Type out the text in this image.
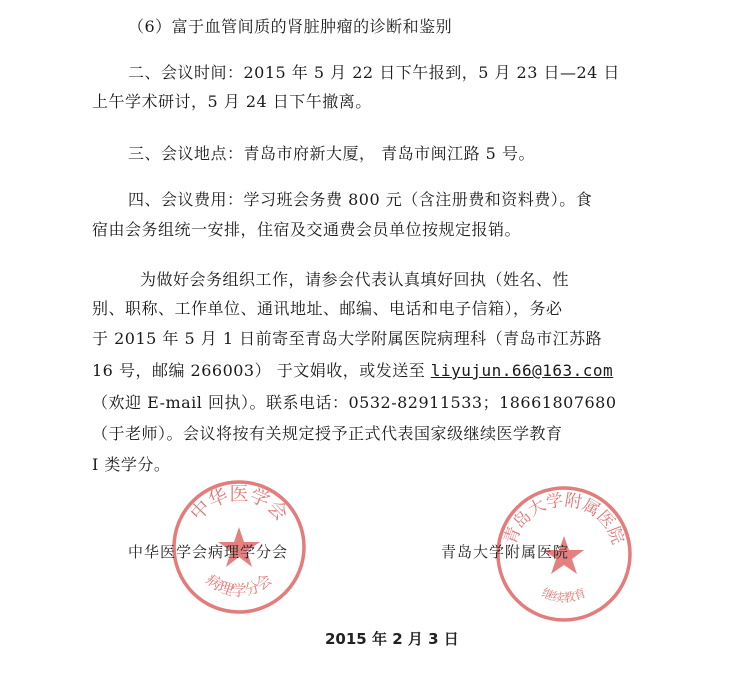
（6）富于血管间质的肾脏肿瘤的诊断和鉴别
二、会议时间：2015 年 5 月 22 日下午报到，5 月 23 日—24 日
上午学术研讨，5 月 24 日下午撤离。
三、会议地点：青岛市府新大厦， 青岛市闽江路 5 号。
四、会议费用：学习班会务费 800 元（含注册费和资料费）。食
宿由会务组统一安排，住宿及交通费会员单位按规定报销。
为做好会务组织工作，请参会代表认真填好回执（姓名、性
别、职称、工作单位、通讯地址、邮编、电话和电子信箱），务必
于 2015 年 5 月 1 日前寄至青岛大学附属医院病理科（青岛市江苏路
16 号，邮编 266003） 于文娟收，或发送至 liyujun.66@163.com
（欢迎 E-mail 回执）。联系电话：0532-82911533；18661807680
（于老师）。会议将按有关规定授予正式代表国家级继续医学教育
I 类学分。
中华医学会
病理学分会
青岛大学附属医院
继续教育
中华医学会病理学分会	青岛大学附属医院
2015 年 2 月 3 日
